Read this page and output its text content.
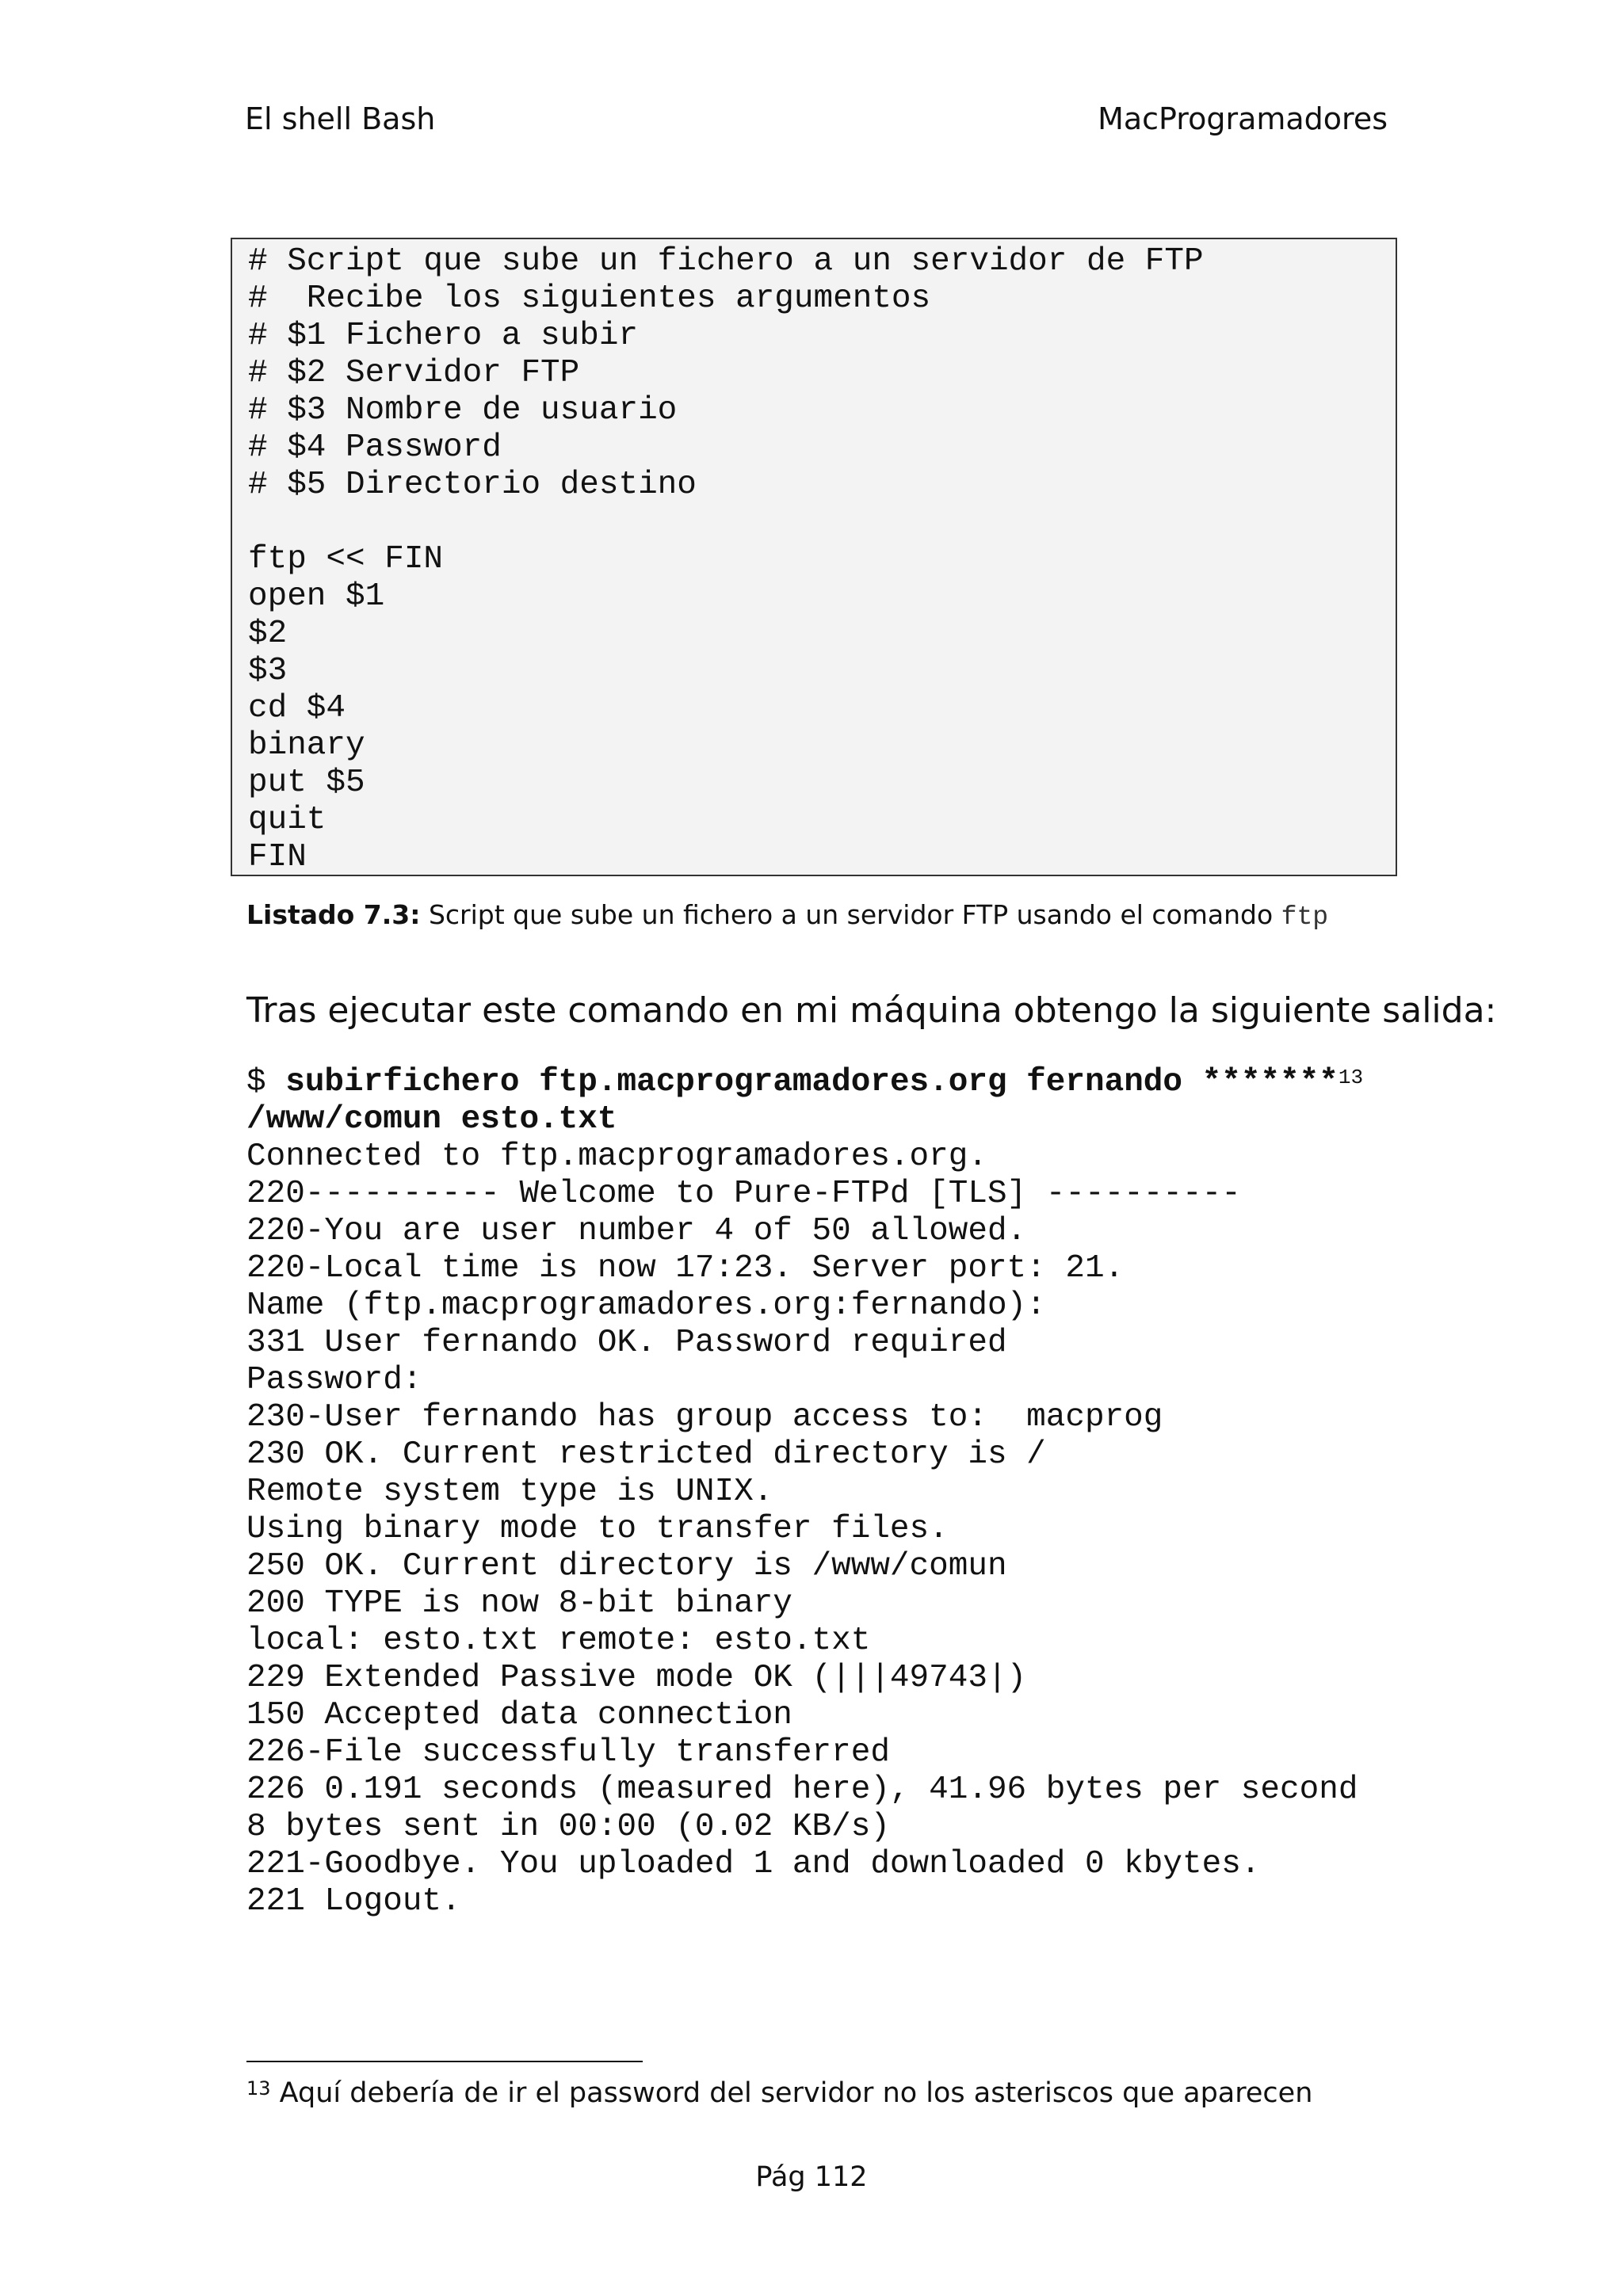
El shell Bash	MacProgramadores
# Script que sube un fichero a un servidor de FTP
#  Recibe los siguientes argumentos
# $1 Fichero a subir
# $2 Servidor FTP
# $3 Nombre de usuario
# $4 Password
# $5 Directorio destino
ftp << FIN
open $1
$2
$3
cd $4
binary
put $5
quit
FIN
Listado 7.3: Script que sube un fichero a un servidor FTP usando el comando ftp
Tras ejecutar este comando en mi máquina obtengo la siguiente salida:
$ subirfichero ftp.macprogramadores.org fernando *******$^{13}$
/www/comun esto.txt
Connected to ftp.macprogramadores.org.
220---------- Welcome to Pure-FTPd [TLS] ----------
220-You are user number 4 of 50 allowed.
220-Local time is now 17:23. Server port: 21.
Name (ftp.macprogramadores.org:fernando):
331 User fernando OK. Password required
Password:
230-User fernando has group access to:  macprog
230 OK. Current restricted directory is /
Remote system type is UNIX.
Using binary mode to transfer files.
250 OK. Current directory is /www/comun
200 TYPE is now 8-bit binary
local: esto.txt remote: esto.txt
229 Extended Passive mode OK (|||49743|)
150 Accepted data connection
226-File successfully transferred
226 0.191 seconds (measured here), 41.96 bytes per second
8 bytes sent in 00:00 (0.02 KB/s)
221-Goodbye. You uploaded 1 and downloaded 0 kbytes.
221 Logout.
$^{13}$ Aquí debería de ir el password del servidor no los asteriscos que aparecen
Pág 112
